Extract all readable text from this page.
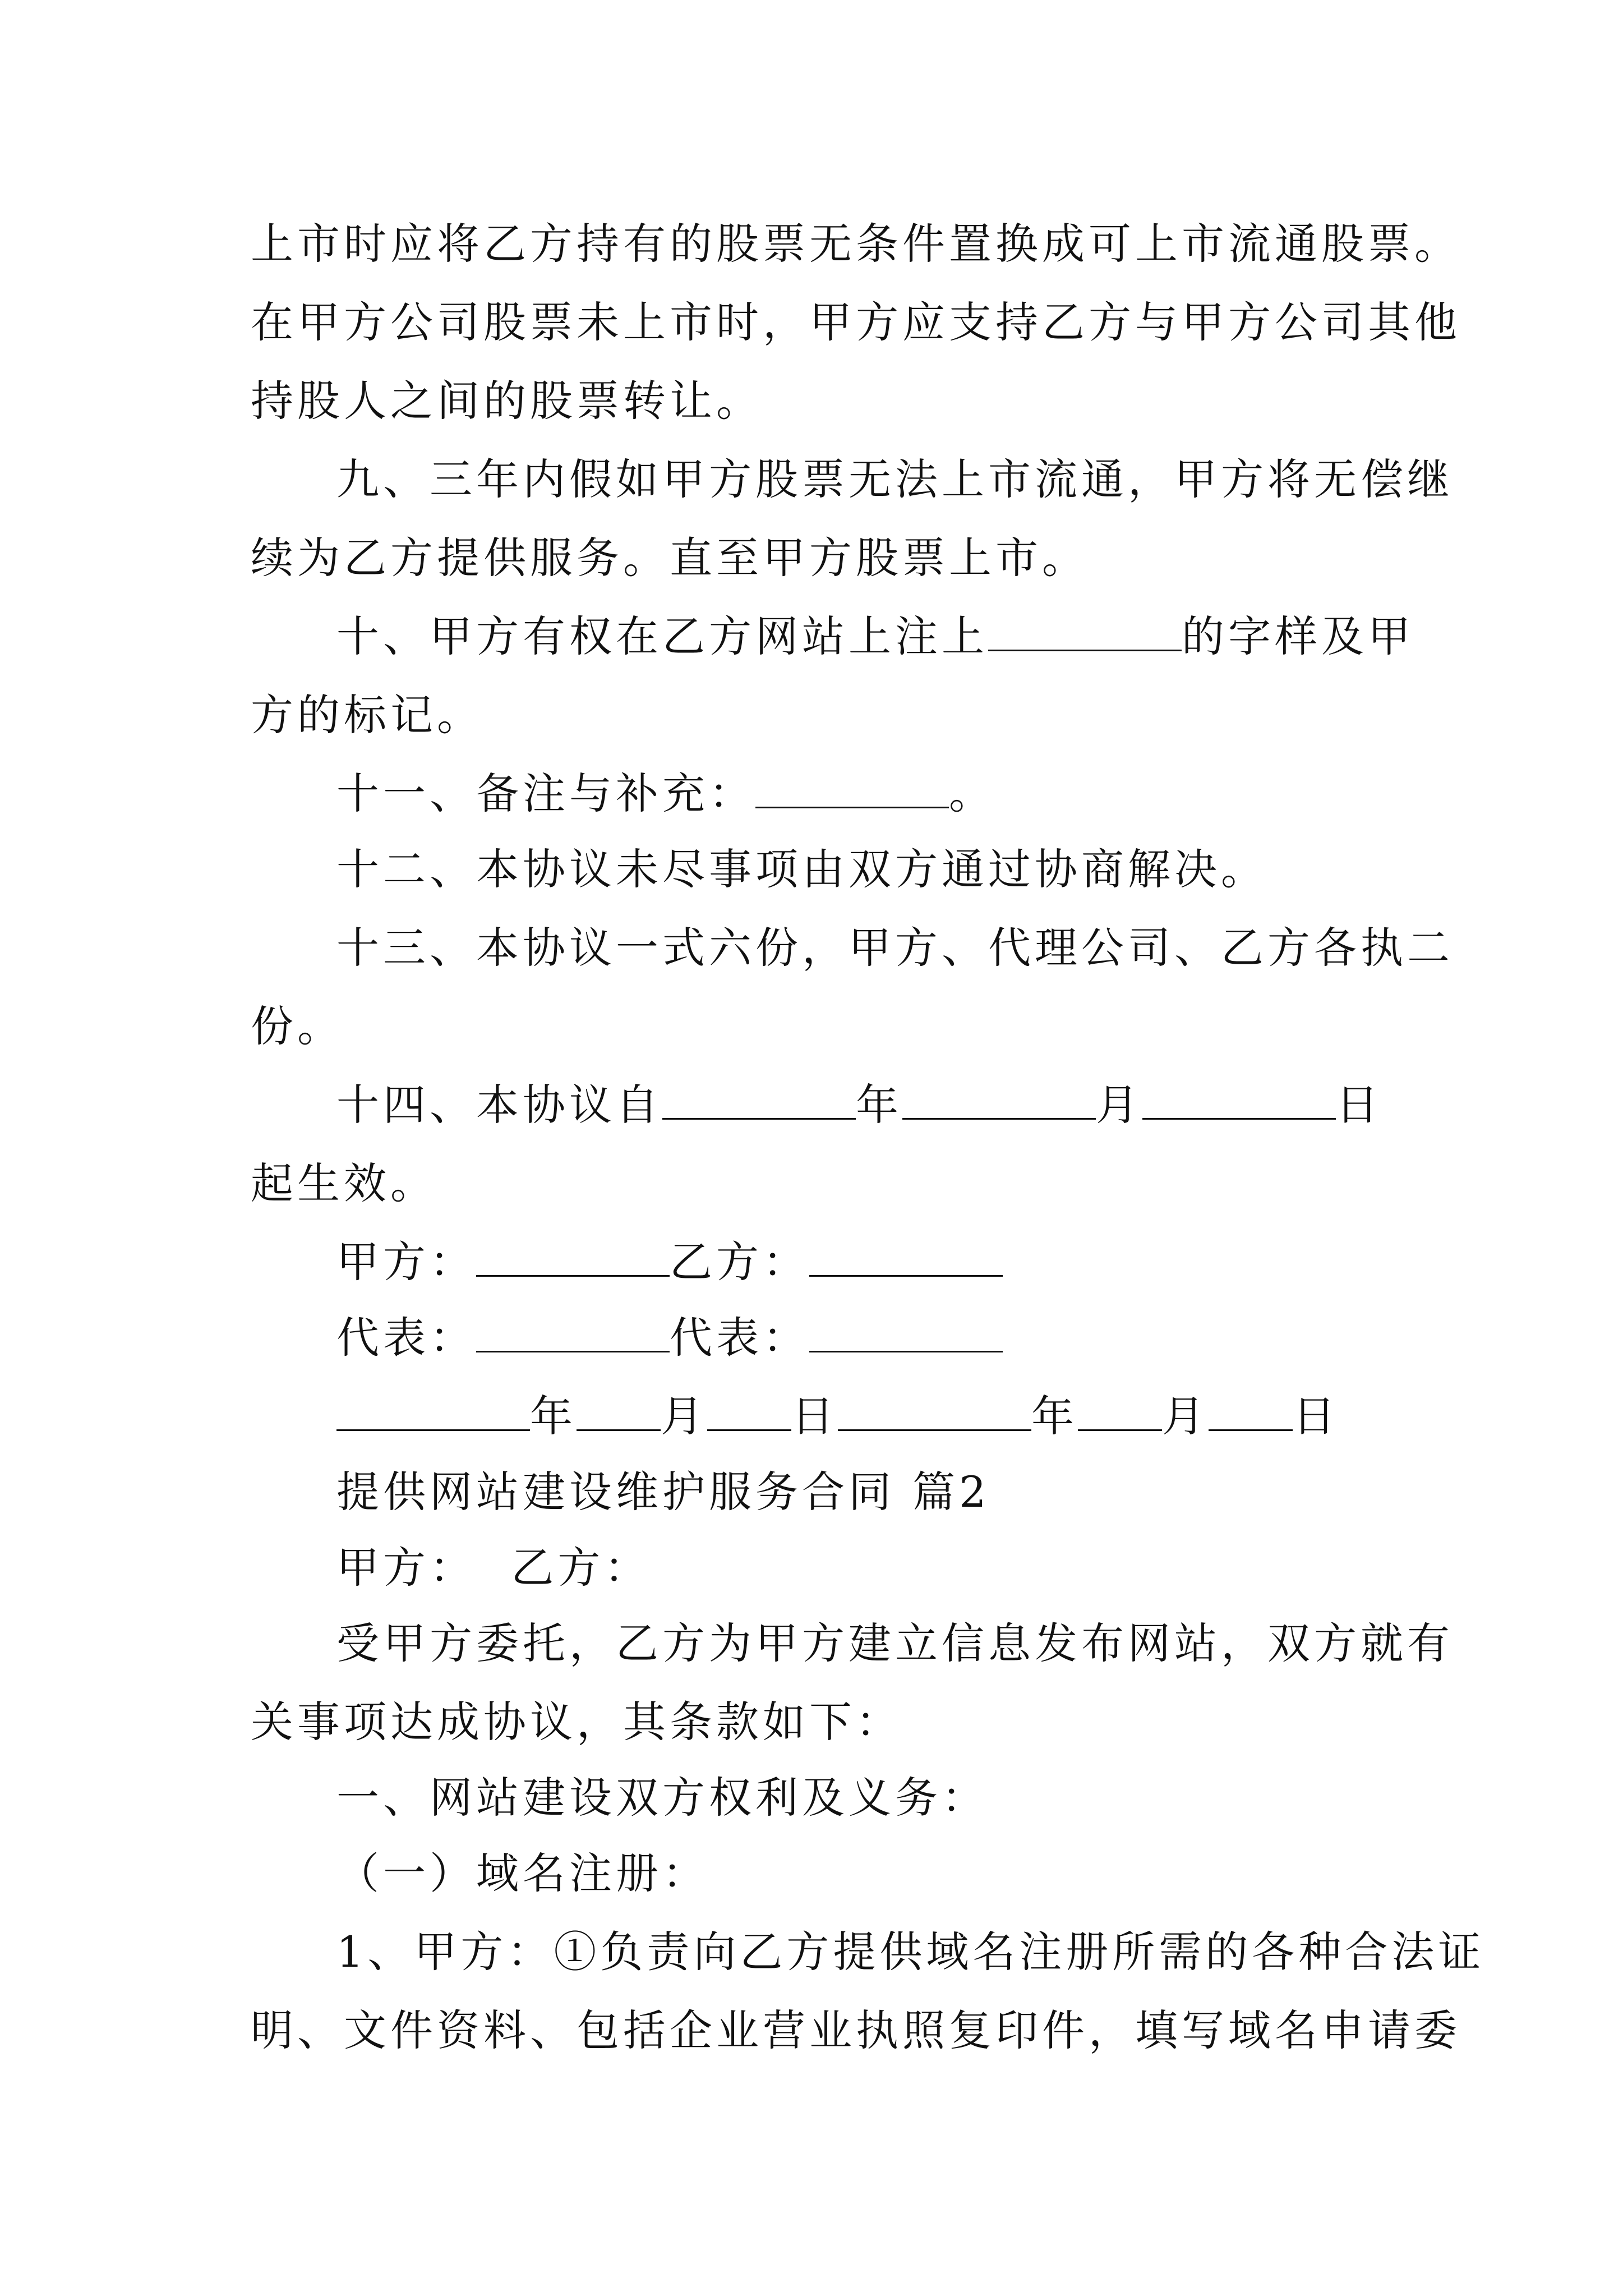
上市时应将乙方持有的股票无条件置换成可上市流通股票。
在甲方公司股票未上市时，甲方应支持乙方与甲方公司其他
持股人之间的股票转让。
九、三年内假如甲方股票无法上市流通，甲方将无偿继
续为乙方提供服务。直至甲方股票上市。
十、甲方有权在乙方网站上注上	的字样及甲
方的标记。
十一、备注与补充：	。
十二、本协议未尽事项由双方通过协商解决。
十三、本协议一式六份，甲方、代理公司、乙方各执二
份。
十四、本协议自	年	月	日
起生效。
甲方：	乙方：
代表：	代表：
年 月 日	年 月 日
提供网站建设维护服务合同 篇2
甲方：  乙方：
受甲方委托，乙方为甲方建立信息发布网站，双方就有
关事项达成协议，其条款如下：
一、网站建设双方权利及义务：
（一）域名注册：
1、甲方：①负责向乙方提供域名注册所需的各种合法证
明、文件资料、包括企业营业执照复印件，填写域名申请委
